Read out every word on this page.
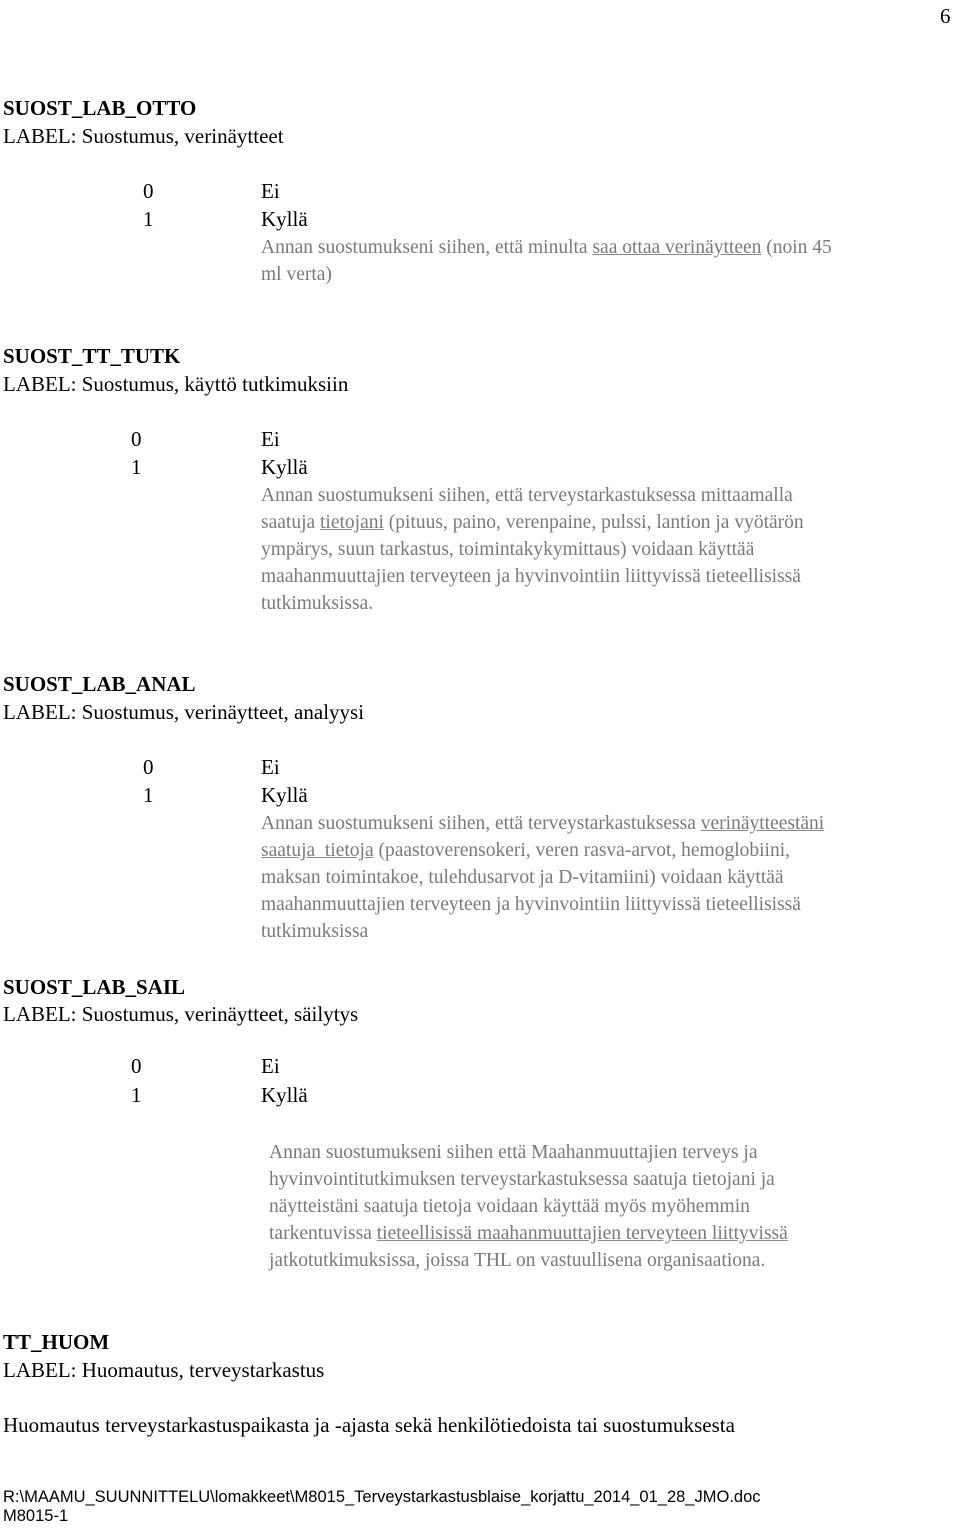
6
SUOST_LAB_OTTO
LABEL: Suostumus, verinäytteet
0	Ei
1	Kyllä
Annan suostumukseni siihen, että minulta saa ottaa verinäytteen (noin 45
ml verta)
SUOST_TT_TUTK
LABEL: Suostumus, käyttö tutkimuksiin
0	Ei
1	Kyllä
Annan suostumukseni siihen, että terveystarkastuksessa mittaamalla
saatuja tietojani (pituus, paino, verenpaine, pulssi, lantion ja vyötärön
ympärys, suun tarkastus, toimintakykymittaus) voidaan käyttää
maahanmuuttajien terveyteen ja hyvinvointiin liittyvissä tieteellisissä
tutkimuksissa.
SUOST_LAB_ANAL
LABEL: Suostumus, verinäytteet, analyysi
0	Ei
1	Kyllä
Annan suostumukseni siihen, että terveystarkastuksessa verinäytteestäni
saatuja  tietoja (paastoverensokeri, veren rasva-arvot, hemoglobiini,
maksan toimintakoe, tulehdusarvot ja D-vitamiini) voidaan käyttää
maahanmuuttajien terveyteen ja hyvinvointiin liittyvissä tieteellisissä
tutkimuksissa
SUOST_LAB_SAIL
LABEL: Suostumus, verinäytteet, säilytys
0	Ei
1	Kyllä
Annan suostumukseni siihen että Maahanmuuttajien terveys ja
hyvinvointitutkimuksen terveystarkastuksessa saatuja tietojani ja
näytteistäni saatuja tietoja voidaan käyttää myös myöhemmin
tarkentuvissa tieteellisissä maahanmuuttajien terveyteen liittyvissä
jatkotutkimuksissa, joissa THL on vastuullisena organisaationa.
TT_HUOM
LABEL: Huomautus, terveystarkastus
Huomautus terveystarkastuspaikasta ja -ajasta sekä henkilötiedoista tai suostumuksesta
R:\MAAMU_SUUNNITTELU\lomakkeet\M8015_Terveystarkastusblaise_korjattu_2014_01_28_JMO.doc
M8015-1
